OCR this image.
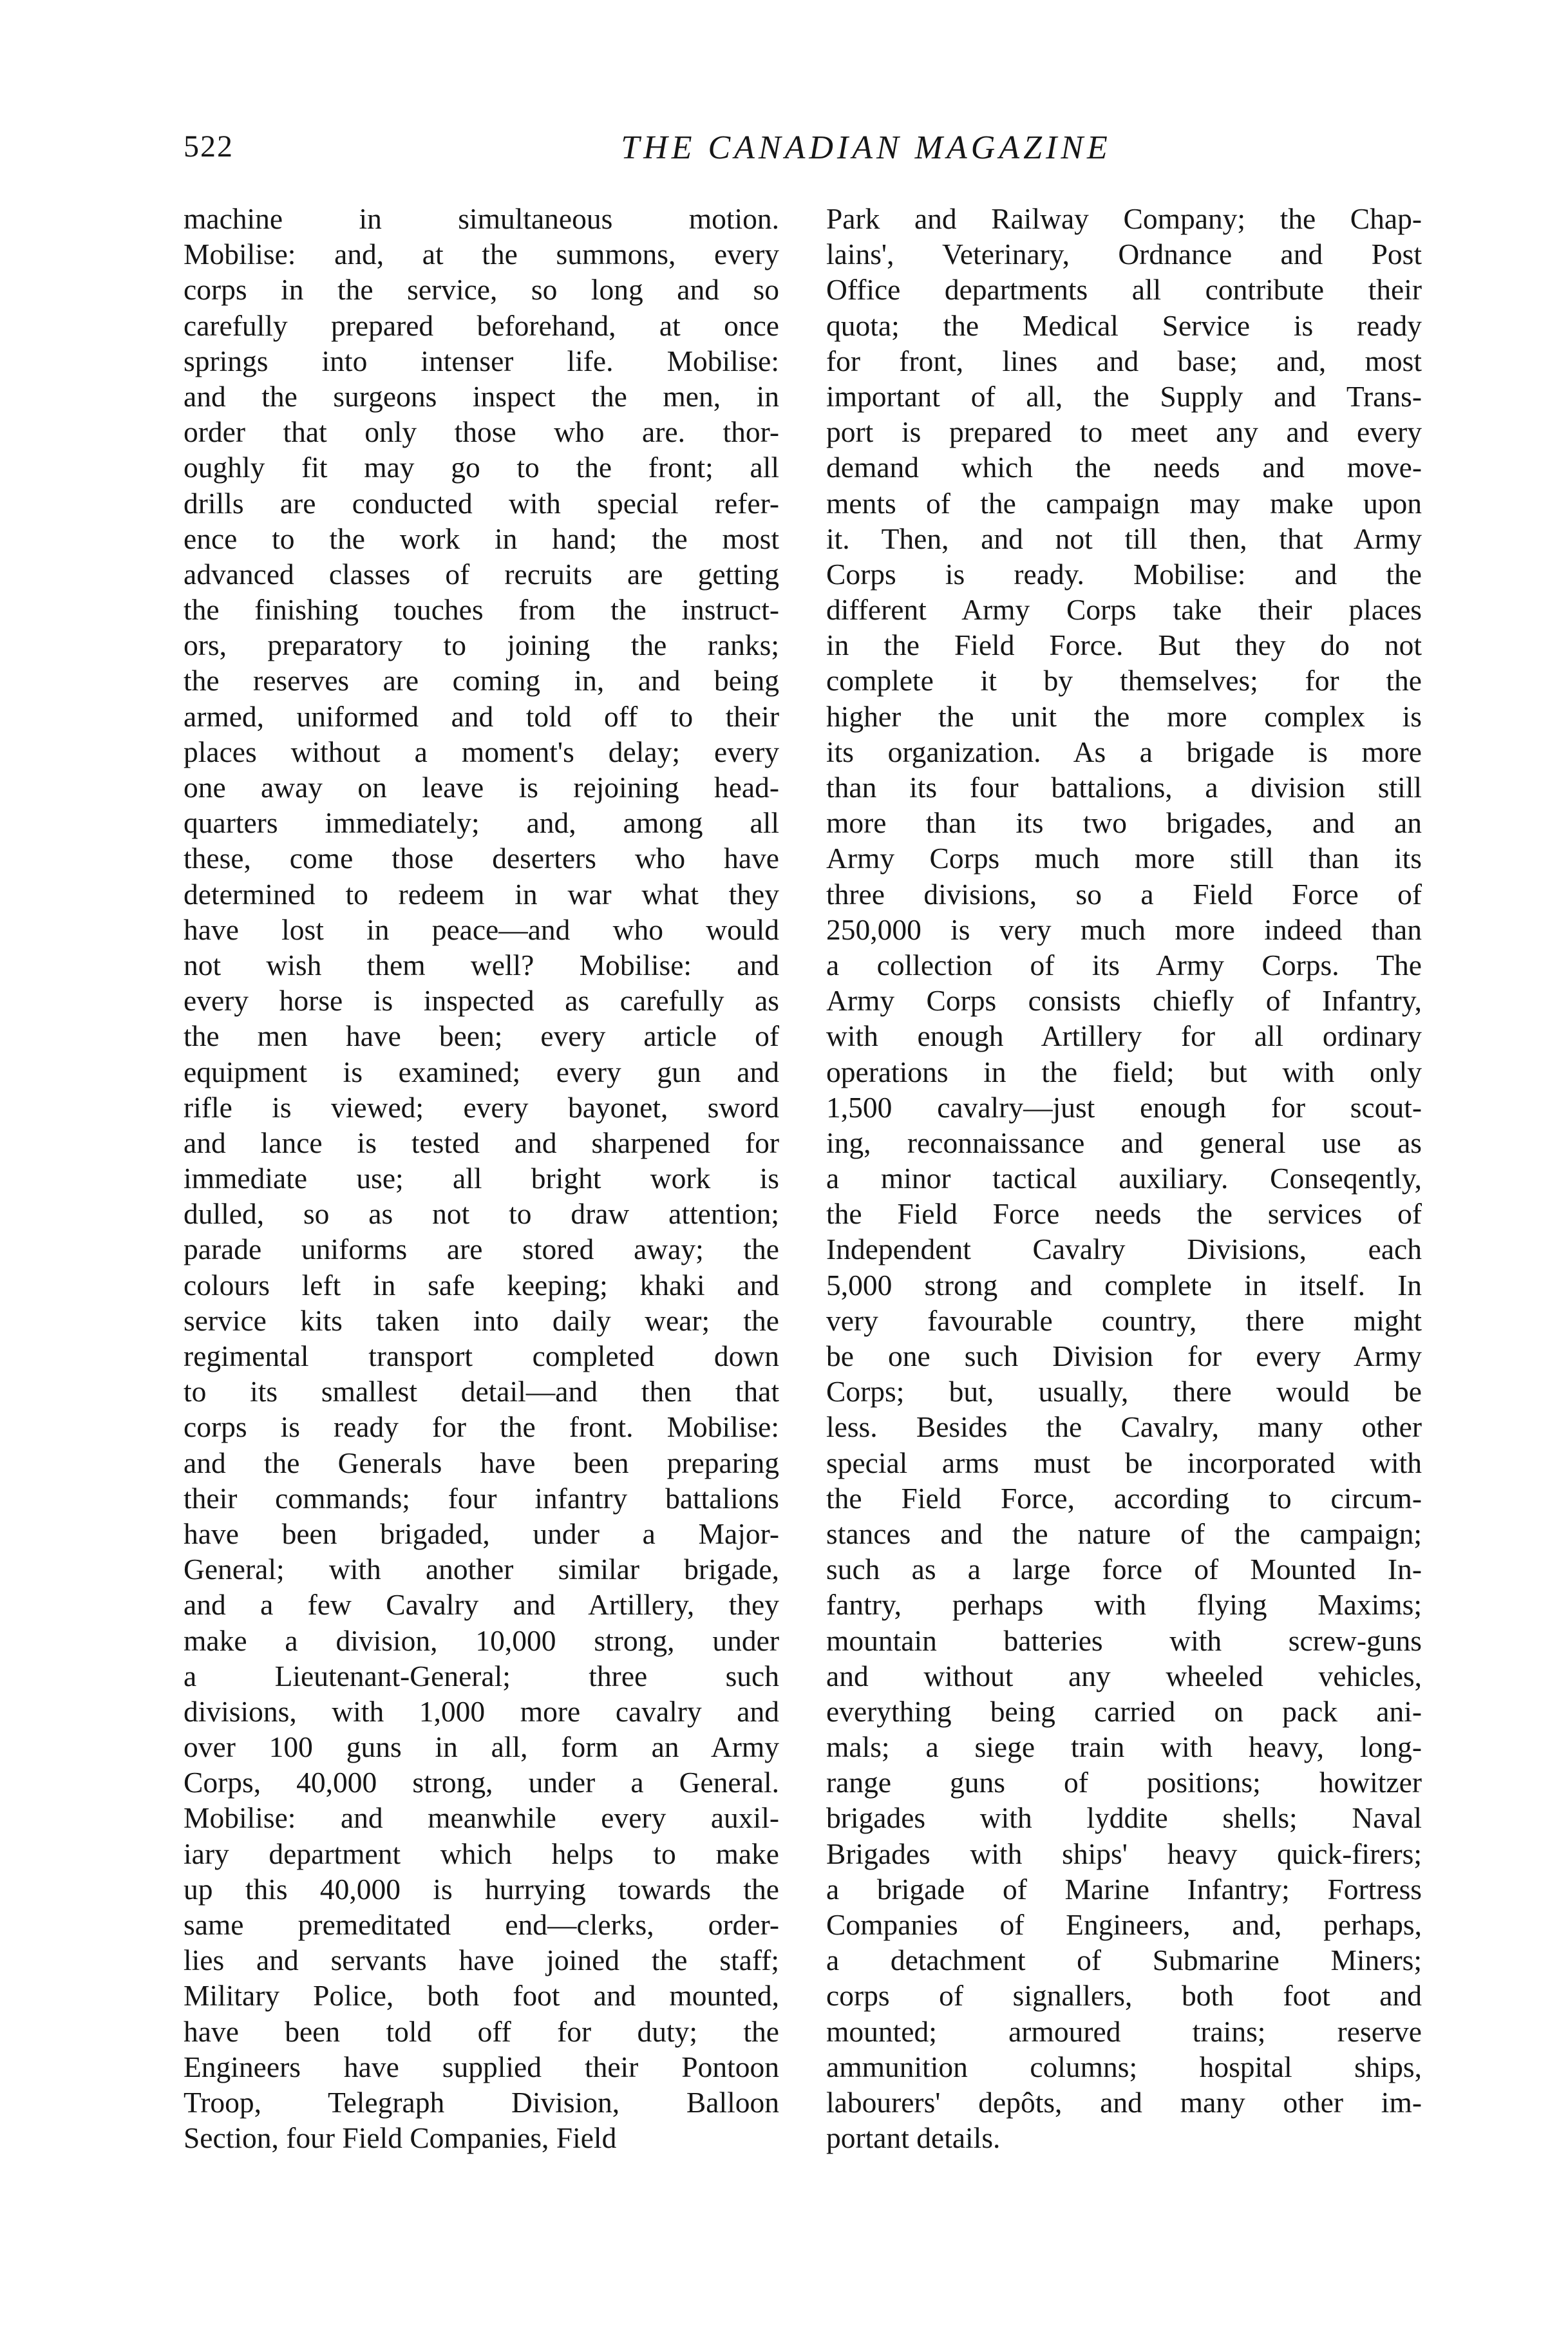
522	THE CANADIAN MAGAZINE
machine in simultaneous motion.
Mobilise: and, at the summons, every
corps in the service, so long and so
carefully prepared beforehand, at once
springs into intenser life. Mobilise:
and the surgeons inspect the men, in
order that only those who are. thor-
oughly fit may go to the front; all
drills are conducted with special refer-
ence to the work in hand; the most
advanced classes of recruits are getting
the finishing touches from the instruct-
ors, preparatory to joining the ranks;
the reserves are coming in, and being
armed, uniformed and told off to their
places without a moment's delay; every
one away on leave is rejoining head-
quarters immediately; and, among all
these, come those deserters who have
determined to redeem in war what they
have lost in peace—and who would
not wish them well? Mobilise: and
every horse is inspected as carefully as
the men have been; every article of
equipment is examined; every gun and
rifle is viewed; every bayonet, sword
and lance is tested and sharpened for
immediate use; all bright work is
dulled, so as not to draw attention;
parade uniforms are stored away; the
colours left in safe keeping; khaki and
service kits taken into daily wear; the
regimental transport completed down
to its smallest detail—and then that
corps is ready for the front. Mobilise:
and the Generals have been preparing
their commands; four infantry battalions
have been brigaded, under a Major-
General; with another similar brigade,
and a few Cavalry and Artillery, they
make a division, 10,000 strong, under
a Lieutenant-General; three such
divisions, with 1,000 more cavalry and
over 100 guns in all, form an Army
Corps, 40,000 strong, under a General.
Mobilise: and meanwhile every auxil-
iary department which helps to make
up this 40,000 is hurrying towards the
same premeditated end—clerks, order-
lies and servants have joined the staff;
Military Police, both foot and mounted,
have been told off for duty; the
Engineers have supplied their Pontoon
Troop, Telegraph Division, Balloon
Section, four Field Companies, Field
Park and Railway Company; the Chap-
lains', Veterinary, Ordnance and Post
Office departments all contribute their
quota; the Medical Service is ready
for front, lines and base; and, most
important of all, the Supply and Trans-
port is prepared to meet any and every
demand which the needs and move-
ments of the campaign may make upon
it. Then, and not till then, that Army
Corps is ready. Mobilise: and the
different Army Corps take their places
in the Field Force. But they do not
complete it by themselves; for the
higher the unit the more complex is
its organization. As a brigade is more
than its four battalions, a division still
more than its two brigades, and an
Army Corps much more still than its
three divisions, so a Field Force of
250,000 is very much more indeed than
a collection of its Army Corps. The
Army Corps consists chiefly of Infantry,
with enough Artillery for all ordinary
operations in the field; but with only
1,500 cavalry—just enough for scout-
ing, reconnaissance and general use as
a minor tactical auxiliary. Conseqently,
the Field Force needs the services of
Independent Cavalry Divisions, each
5,000 strong and complete in itself. In
very favourable country, there might
be one such Division for every Army
Corps; but, usually, there would be
less. Besides the Cavalry, many other
special arms must be incorporated with
the Field Force, according to circum-
stances and the nature of the campaign;
such as a large force of Mounted In-
fantry, perhaps with flying Maxims;
mountain batteries with screw-guns
and without any wheeled vehicles,
everything being carried on pack ani-
mals; a siege train with heavy, long-
range guns of positions; howitzer
brigades with lyddite shells; Naval
Brigades with ships' heavy quick-firers;
a brigade of Marine Infantry; Fortress
Companies of Engineers, and, perhaps,
a detachment of Submarine Miners;
corps of signallers, both foot and
mounted; armoured trains; reserve
ammunition columns; hospital ships,
labourers' depôts, and many other im-
portant details.
